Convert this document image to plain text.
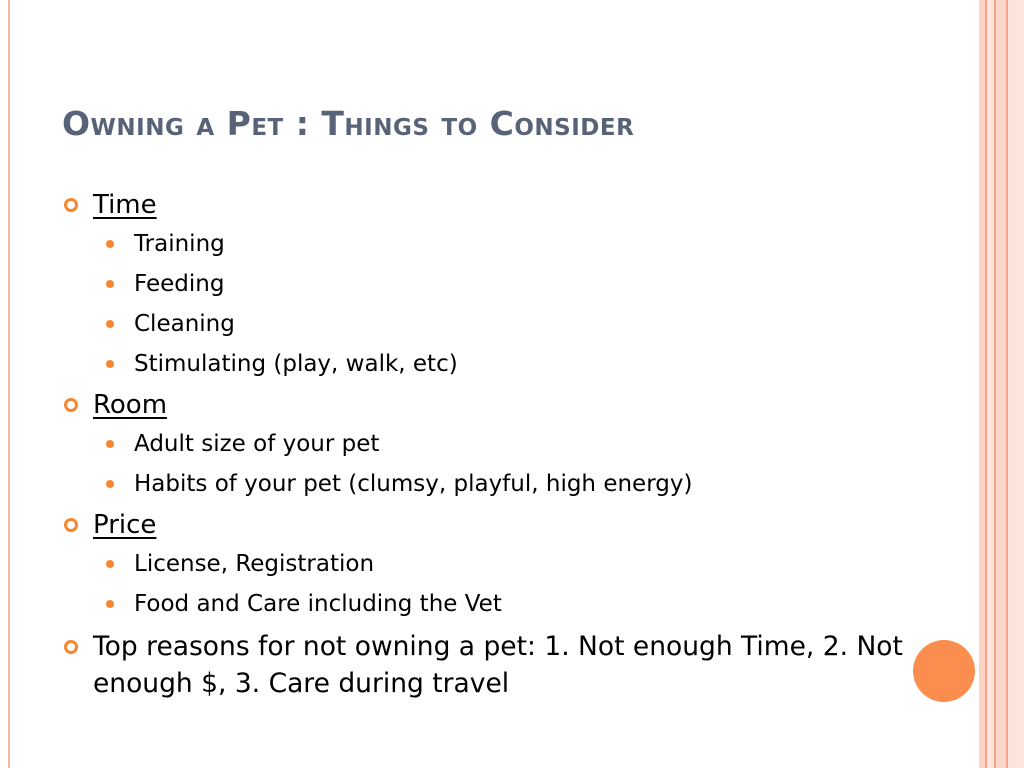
Owning a Pet : Things to Consider
Time
Training
Feeding
Cleaning
Stimulating (play, walk, etc)
Room
Adult size of your pet
Habits of your pet (clumsy, playful, high energy)
Price
License, Registration
Food and Care including the Vet
Top reasons for not owning a pet: 1. Not enough Time, 2. Not enough $, 3. Care during travel
